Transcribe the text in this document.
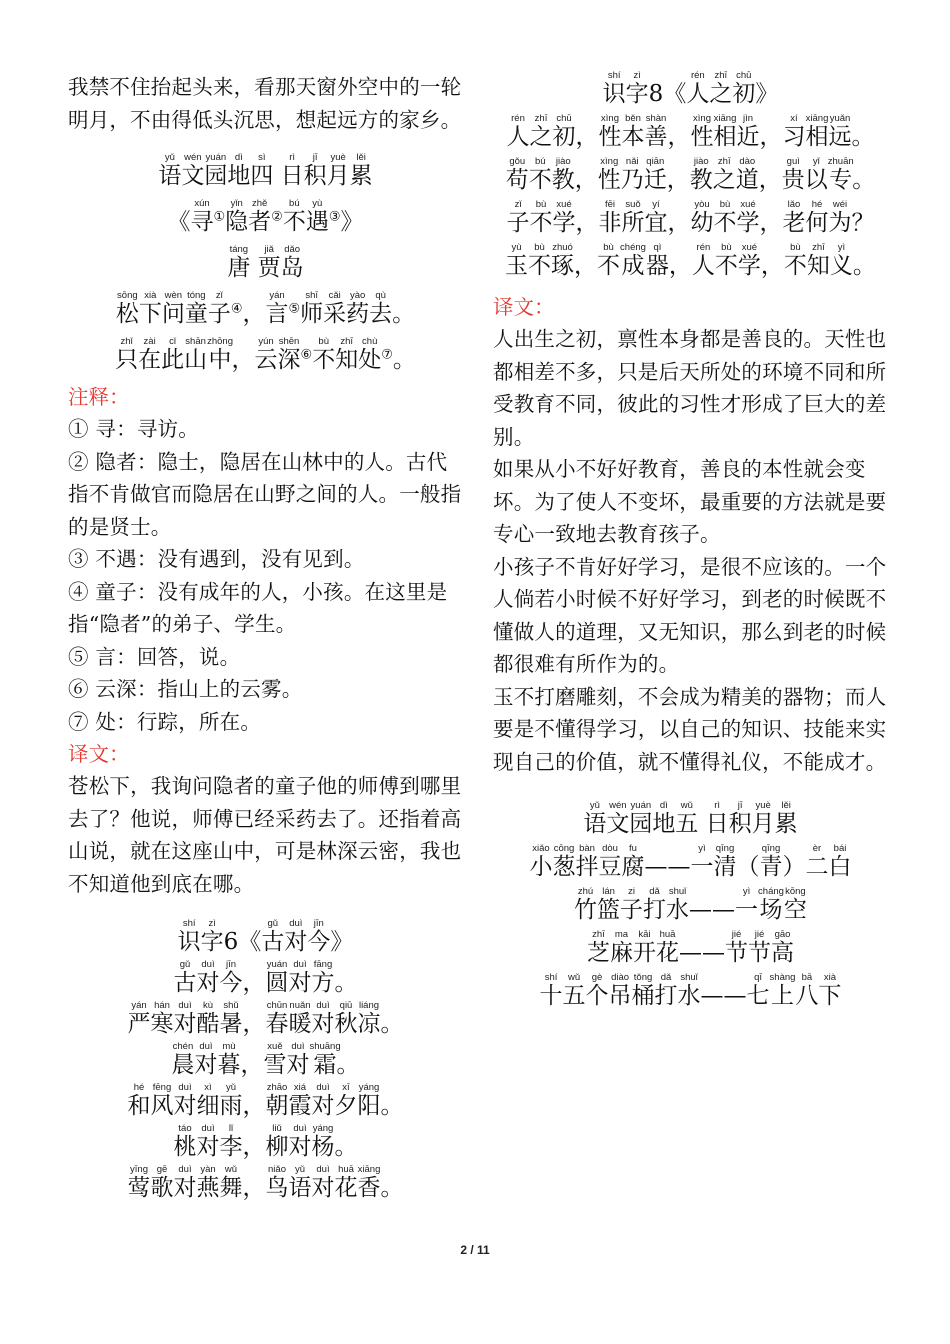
我禁不住抬起头来，看那天窗外空中的一轮明月，不由得低头沉思，想起远方的家乡。

语yǔ文wén园yuán地dì四sì 日rì积jī月yuè累lěi
《寻xún①隐yǐn者zhě②不bú遇yù③》
唐táng 贾jiǎ岛dǎo
松sōng下xià问wèn童tóng子zǐ④，言yán⑤师shī采cǎi药yào去qù。
只zhǐ在zài此cǐ山shān中zhōng，云yún深shēn⑥不bù知zhī处chù⑦。

注释：

① 寻：寻访。

② 隐者：隐士，隐居在山林中的人。古代指不肯做官而隐居在山野之间的人。一般指的是贤士。

③ 不遇：没有遇到，没有见到。

④ 童子：没有成年的人，小孩。在这里是指“隐者”的弟子、学生。

⑤ 言：回答，说。

⑥ 云深：指山上的云雾。

⑦ 处：行踪，所在。

译文：

苍松下，我询问隐者的童子他的师傅到哪里去了？他说，师傅已经采药去了。还指着高山说，就在这座山中，可是林深云密，我也不知道他到底在哪。

识shí字zì6《古gǔ对duì今jīn》
古gǔ对duì今jīn，圆yuán对duì方fāng。
严yán寒hán对duì酷kù暑shǔ，春chūn暖nuǎn对duì秋qiū凉liáng。
晨chén对duì暮mù，雪xuě对duì霜shuāng。
和hé风fēng对duì细xì雨yǔ，朝zhāo霞xiá对duì夕xī阳yáng。
桃táo对duì李lǐ，柳liǔ对duì杨yáng。
莺yīng歌gē对duì燕yàn舞wǔ，鸟niǎo语yǔ对duì花huā香xiāng。
识shí字zì8《人rén之zhī初chū》
人rén之zhī初chū，性xìng本běn善shàn，性xìng相xiāng近jìn，习xí相xiāng远yuǎn。
苟gǒu不bú教jiào，性xìng乃nǎi迁qiān，教jiào之zhī道dào，贵guì以yǐ专zhuān。
子zǐ不bù学xué，非fēi所suǒ宜yí，幼yòu不bù学xué，老lǎo何hé为wéi？
玉yù不bù琢zhuó，不bù成chéng器qì，人rén不bù学xué，不bù知zhī义yì。

译文：

人出生之初，禀性本身都是善良的。天性也都相差不多，只是后天所处的环境不同和所受教育不同，彼此的习性才形成了巨大的差别。

如果从小不好好教育，善良的本性就会变坏。为了使人不变坏，最重要的方法就是要专心一致地去教育孩子。

小孩子不肯好好学习，是很不应该的。一个人倘若小时候不好好学习，到老的时候既不懂做人的道理，又无知识，那么到老的时候都很难有所作为的。

玉不打磨雕刻，不会成为精美的器物；而人要是不懂得学习，以自己的知识、技能来实现自己的价值，就不懂得礼仪，不能成才。

语yǔ文wén园yuán地dì五wǔ 日rì积jī月yuè累lěi
小xiǎo葱cōng拌bàn豆dòu腐fu——一yì清qīng（青qīng）二èr白bái
竹zhú篮lán子zi打dǎ水shuǐ——一yì场cháng空kōng
芝zhī麻ma开kāi花huā——节jié节jié高gāo
十shí五wǔ个gè吊diào桶tǒng打dǎ水shuǐ——七qī上shàng八bā下xià
2 / 11
